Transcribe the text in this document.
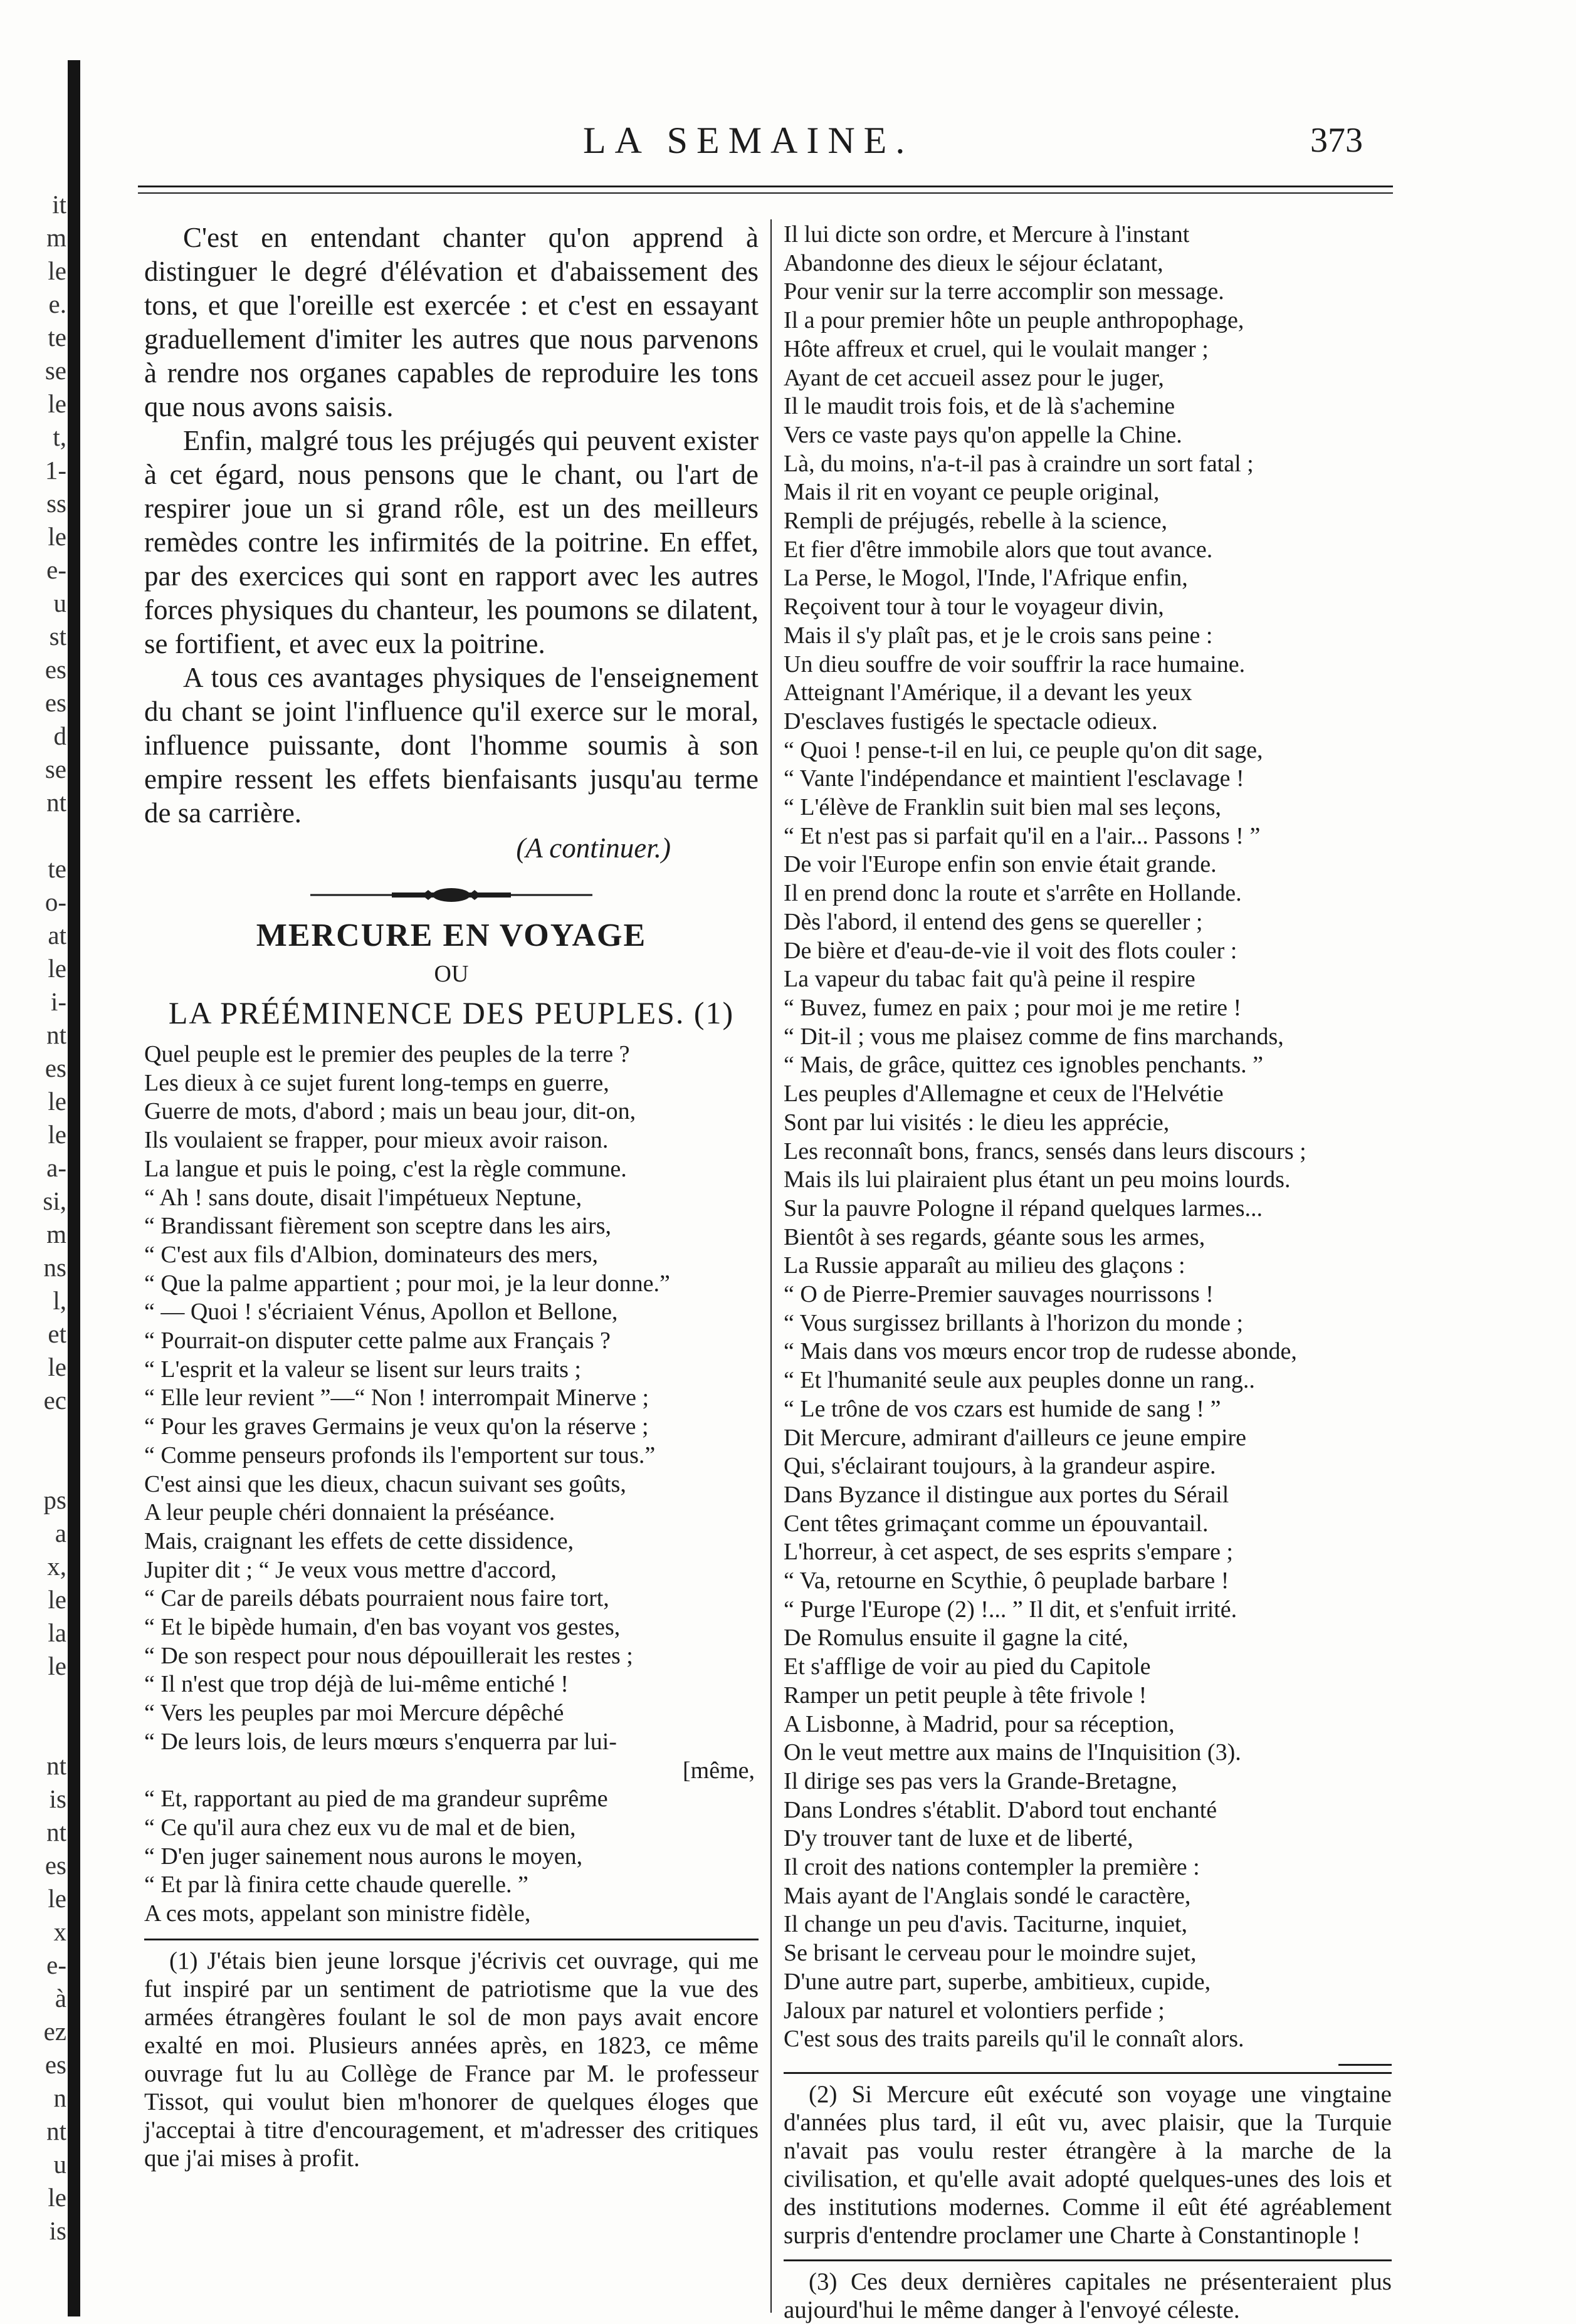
it
m
le
e.
te
se
le
t,
1-
ss
le
e-
u
st
es
es
d
se
nt
te
o-
at
le
i-
nt
es
le
le
a-
si,
m
ns
l,
et
le
ec
ps
a
x,
le
la
le
nt
is
nt
es
le
x
e-
à
ez
es
n
nt
u
le
is
LA SEMAINE.	373

C'est en entendant chanter qu'on apprend à distinguer le degré d'élévation et d'abaissement des tons, et que l'oreille est exercée : et c'est en essayant graduellement d'imiter les autres que nous parvenons à rendre nos organes capables de reproduire les tons que nous avons saisis.

Enfin, malgré tous les préjugés qui peuvent exister à cet égard, nous pensons que le chant, ou l'art de respirer joue un si grand rôle, est un des meilleurs remèdes contre les infirmités de la poitrine. En effet, par des exercices qui sont en rapport avec les autres forces physiques du chanteur, les poumons se dilatent, se fortifient, et avec eux la poitrine.

A tous ces avantages physiques de l'enseignement du chant se joint l'influence qu'il exerce sur le moral, influence puissante, dont l'homme soumis à son empire ressent les effets bienfaisants jusqu'au terme de sa carrière.

(A continuer.)
MERCURE EN VOYAGE
OU
LA PRÉÉMINENCE DES PEUPLES. (1)
Quel peuple est le premier des peuples de la terre ?
Les dieux à ce sujet furent long-temps en guerre,
Guerre de mots, d'abord ; mais un beau jour, dit-on,
Ils voulaient se frapper, pour mieux avoir raison.
La langue et puis le poing, c'est la règle commune.
“ Ah ! sans doute, disait l'impétueux Neptune,
“ Brandissant fièrement son sceptre dans les airs,
“ C'est aux fils d'Albion, dominateurs des mers,
“ Que la palme appartient ; pour moi, je la leur donne.”
“ — Quoi ! s'écriaient Vénus, Apollon et Bellone,
“ Pourrait-on disputer cette palme aux Français ?
“ L'esprit et la valeur se lisent sur leurs traits ;
“ Elle leur revient ”—“ Non ! interrompait Minerve ;
“ Pour les graves Germains je veux qu'on la réserve ;
“ Comme penseurs profonds ils l'emportent sur tous.”
C'est ainsi que les dieux, chacun suivant ses goûts,
A leur peuple chéri donnaient la préséance.
Mais, craignant les effets de cette dissidence,
Jupiter dit ; “ Je veux vous mettre d'accord,
“ Car de pareils débats pourraient nous faire tort,
“ Et le bipède humain, d'en bas voyant vos gestes,
“ De son respect pour nous dépouillerait les restes ;
“ Il n'est que trop déjà de lui-même entiché !
“ Vers les peuples par moi Mercure dépêché
“ De leurs lois, de leurs mœurs s'enquerra par lui-
[même,
“ Et, rapportant au pied de ma grandeur suprême
“ Ce qu'il aura chez eux vu de mal et de bien,
“ D'en juger sainement nous aurons le moyen,
“ Et par là finira cette chaude querelle. ”
A ces mots, appelant son ministre fidèle,

(1) J'étais bien jeune lorsque j'écrivis cet ouvrage, qui me fut inspiré par un sentiment de patriotisme que la vue des armées étrangères foulant le sol de mon pays avait encore exalté en moi. Plusieurs années après, en 1823, ce même ouvrage fut lu au Collège de France par M. le professeur Tissot, qui voulut bien m'honorer de quelques éloges que j'acceptai à titre d'encouragement, et m'adresser des critiques que j'ai mises à profit.

Il lui dicte son ordre, et Mercure à l'instant
Abandonne des dieux le séjour éclatant,
Pour venir sur la terre accomplir son message.
Il a pour premier hôte un peuple anthropophage,
Hôte affreux et cruel, qui le voulait manger ;
Ayant de cet accueil assez pour le juger,
Il le maudit trois fois, et de là s'achemine
Vers ce vaste pays qu'on appelle la Chine.
Là, du moins, n'a-t-il pas à craindre un sort fatal ;
Mais il rit en voyant ce peuple original,
Rempli de préjugés, rebelle à la science,
Et fier d'être immobile alors que tout avance.
La Perse, le Mogol, l'Inde, l'Afrique enfin,
Reçoivent tour à tour le voyageur divin,
Mais il s'y plaît pas, et je le crois sans peine :
Un dieu souffre de voir souffrir la race humaine.
Atteignant l'Amérique, il a devant les yeux
D'esclaves fustigés le spectacle odieux.
“ Quoi ! pense-t-il en lui, ce peuple qu'on dit sage,
“ Vante l'indépendance et maintient l'esclavage !
“ L'élève de Franklin suit bien mal ses leçons,
“ Et n'est pas si parfait qu'il en a l'air... Passons ! ”
De voir l'Europe enfin son envie était grande.
Il en prend donc la route et s'arrête en Hollande.
Dès l'abord, il entend des gens se quereller ;
De bière et d'eau-de-vie il voit des flots couler :
La vapeur du tabac fait qu'à peine il respire
“ Buvez, fumez en paix ; pour moi je me retire !
“ Dit-il ; vous me plaisez comme de fins marchands,
“ Mais, de grâce, quittez ces ignobles penchants. ”
Les peuples d'Allemagne et ceux de l'Helvétie
Sont par lui visités : le dieu les apprécie,
Les reconnaît bons, francs, sensés dans leurs discours ;
Mais ils lui plairaient plus étant un peu moins lourds.
Sur la pauvre Pologne il répand quelques larmes...
Bientôt à ses regards, géante sous les armes,
La Russie apparaît au milieu des glaçons :
“ O de Pierre-Premier sauvages nourrissons !
“ Vous surgissez brillants à l'horizon du monde ;
“ Mais dans vos mœurs encor trop de rudesse abonde,
“ Et l'humanité seule aux peuples donne un rang..
“ Le trône de vos czars est humide de sang ! ”
Dit Mercure, admirant d'ailleurs ce jeune empire
Qui, s'éclairant toujours, à la grandeur aspire.
Dans Byzance il distingue aux portes du Sérail
Cent têtes grimaçant comme un épouvantail.
L'horreur, à cet aspect, de ses esprits s'empare ;
“ Va, retourne en Scythie, ô peuplade barbare !
“ Purge l'Europe (2) !... ” Il dit, et s'enfuit irrité.
De Romulus ensuite il gagne la cité,
Et s'afflige de voir au pied du Capitole
Ramper un petit peuple à tête frivole !
A Lisbonne, à Madrid, pour sa réception,
On le veut mettre aux mains de l'Inquisition (3).
Il dirige ses pas vers la Grande-Bretagne,
Dans Londres s'établit. D'abord tout enchanté
D'y trouver tant de luxe et de liberté,
Il croit des nations contempler la première :
Mais ayant de l'Anglais sondé le caractère,
Il change un peu d'avis. Taciturne, inquiet,
Se brisant le cerveau pour le moindre sujet,
D'une autre part, superbe, ambitieux, cupide,
Jaloux par naturel et volontiers perfide ;
C'est sous des traits pareils qu'il le connaît alors.

(2) Si Mercure eût exécuté son voyage une vingtaine d'années plus tard, il eût vu, avec plaisir, que la Turquie n'avait pas voulu rester étrangère à la marche de la civilisation, et qu'elle avait adopté quelques-unes des lois et des institutions modernes. Comme il eût été agréablement surpris d'entendre proclamer une Charte à Constantinople !

(3) Ces deux dernières capitales ne présenteraient plus aujourd'hui le même danger à l'envoyé céleste.
